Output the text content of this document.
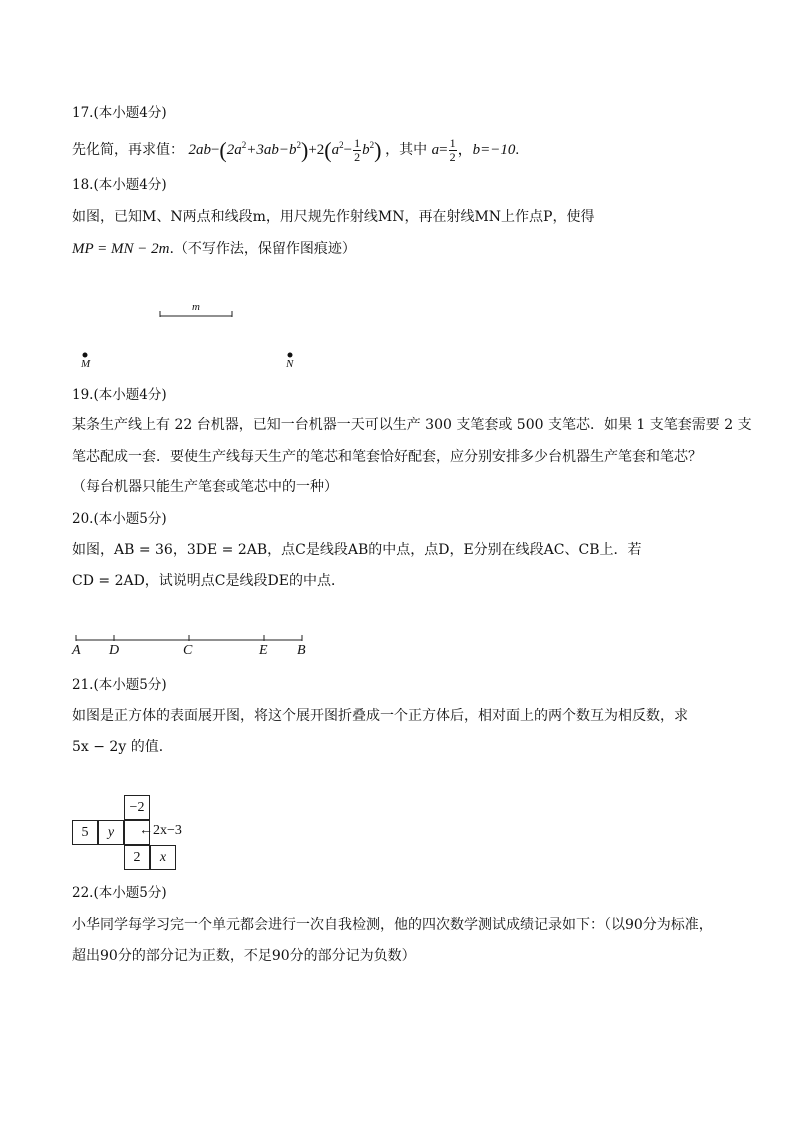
17.(本小题4分)
先化简，再求值： $2ab-(2a^2+3ab-b^2)+2(a^2- \frac{1}{2} b^2)$ ，其中 $a= \frac{1}{2}$ ，b=−10.
18.(本小题4分)
如图，已知M、N两点和线段m，用尺规先作射线MN，再在射线MN上作点P，使得
MP = MN − 2m.（不写作法，保留作图痕迹）
m
M	N
19.(本小题4分)
某条生产线上有 22 台机器，已知一台机器一天可以生产 300 支笔套或 500 支笔芯．如果 1 支笔套需要 2 支
笔芯配成一套．要使生产线每天生产的笔芯和笔套恰好配套，应分别安排多少台机器生产笔套和笔芯？
（每台机器只能生产笔套或笔芯中的一种）
20.(本小题5分)
如图，AB = 36，3DE = 2AB，点C是线段AB的中点，点D，E分别在线段AC、CB上．若
CD = 2AD，试说明点C是线段DE的中点．
A D	C	E B
21.(本小题5分)
如图是正方体的表面展开图，将这个展开图折叠成一个正方体后，相对面上的两个数互为相反数，求
5x − 2y 的值．
−2
5	y
2	x
←2x−3
22.(本小题5分)
小华同学每学习完一个单元都会进行一次自我检测，他的四次数学测试成绩记录如下：（以90分为标准，
超出90分的部分记为正数，不足90分的部分记为负数）
